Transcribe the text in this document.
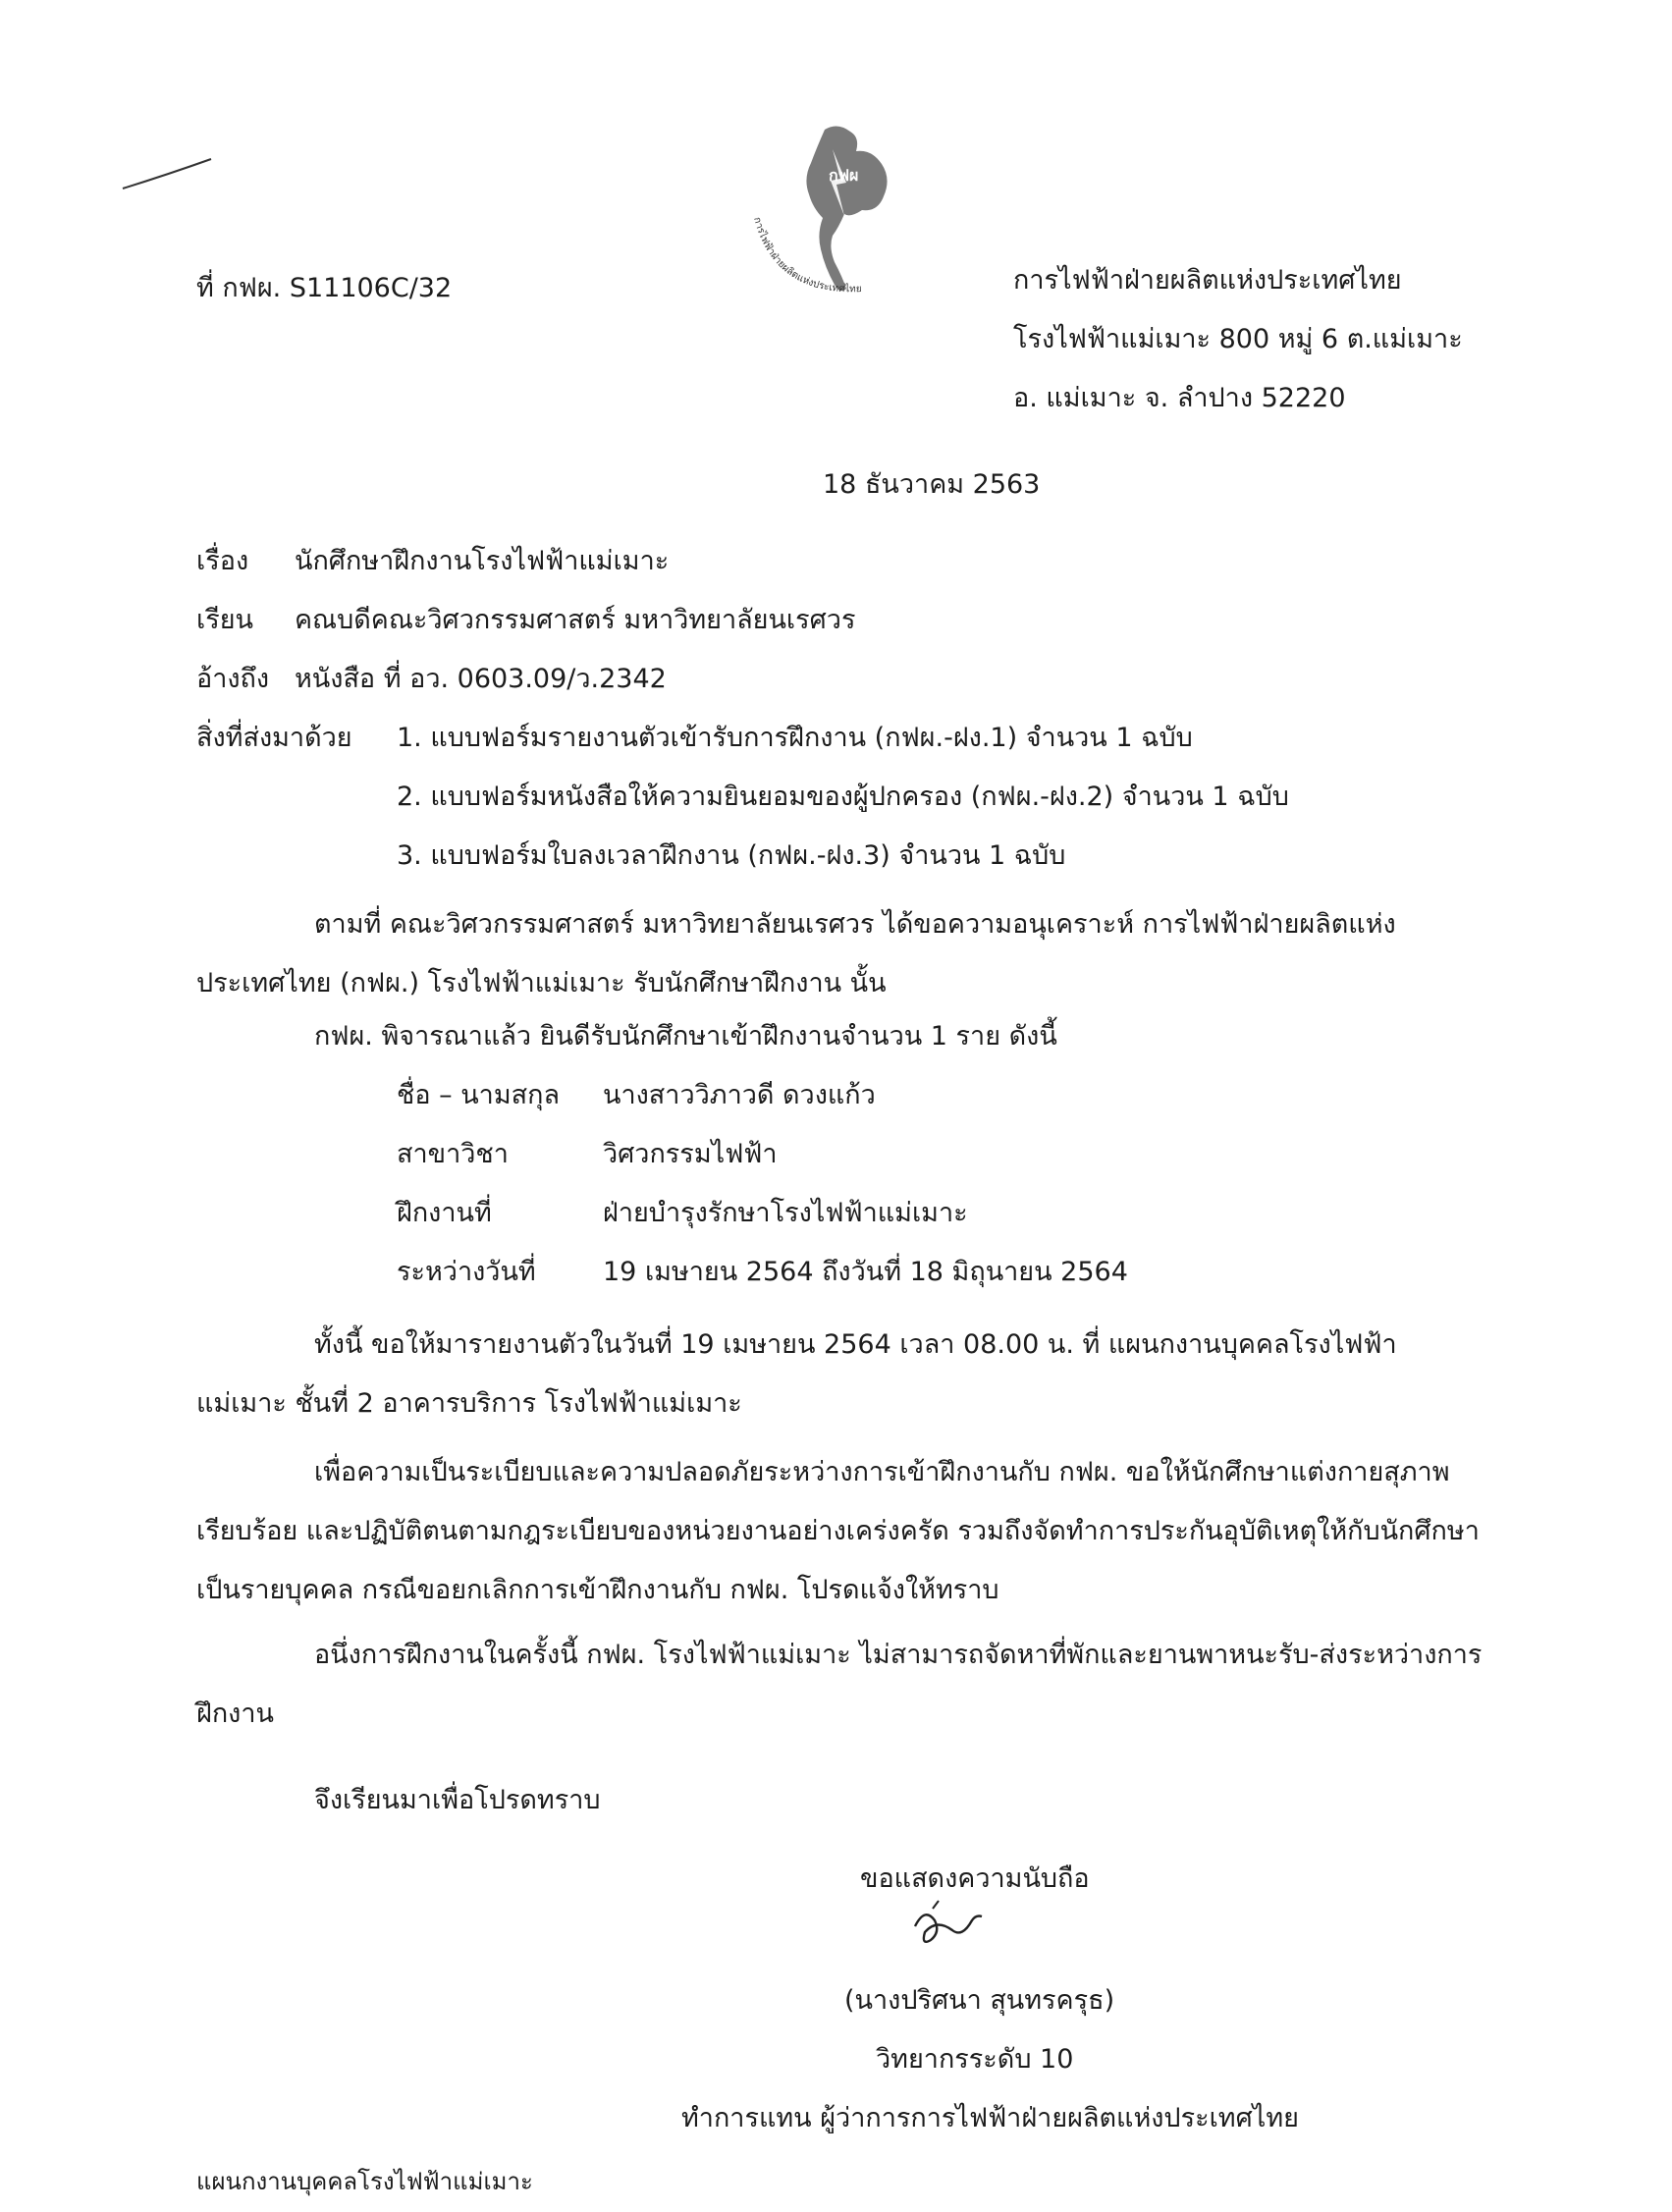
ที่ กฟผ. S11106C/32
กฟผ
การไฟฟ้าฝ่ายผลิตแห่งประเทศไทย	การไฟฟ้าฝ่ายผลิตแห่งประเทศไทย
โรงไฟฟ้าแม่เมาะ 800 หมู่ 6 ต.แม่เมาะ
อ. แม่เมาะ จ. ลำปาง 52220
18 ธันวาคม 2563
เรื่อง นักศึกษาฝึกงานโรงไฟฟ้าแม่เมาะ
เรียน คณบดีคณะวิศวกรรมศาสตร์ มหาวิทยาลัยนเรศวร
อ้างถึง หนังสือ ที่ อว. 0603.09/ว.2342
สิ่งที่ส่งมาด้วย 1. แบบฟอร์มรายงานตัวเข้ารับการฝึกงาน (กฟผ.-ฝง.1) จำนวน 1 ฉบับ
2. แบบฟอร์มหนังสือให้ความยินยอมของผู้ปกครอง (กฟผ.-ฝง.2) จำนวน 1 ฉบับ
3. แบบฟอร์มใบลงเวลาฝึกงาน (กฟผ.-ฝง.3) จำนวน 1 ฉบับ
ตามที่ คณะวิศวกรรมศาสตร์ มหาวิทยาลัยนเรศวร ได้ขอความอนุเคราะห์ การไฟฟ้าฝ่ายผลิตแห่งประเทศไทย (กฟผ.) โรงไฟฟ้าแม่เมาะ รับนักศึกษาฝึกงาน นั้น
กฟผ. พิจารณาแล้ว ยินดีรับนักศึกษาเข้าฝึกงานจำนวน 1 ราย ดังนี้
ชื่อ – นามสกุล นางสาววิภาวดี ดวงแก้ว
สาขาวิชา	วิศวกรรมไฟฟ้า
ฝึกงานที่	ฝ่ายบำรุงรักษาโรงไฟฟ้าแม่เมาะ
ระหว่างวันที่	19 เมษายน 2564 ถึงวันที่ 18 มิถุนายน 2564
ทั้งนี้ ขอให้มารายงานตัวในวันที่ 19 เมษายน 2564 เวลา 08.00 น. ที่ แผนกงานบุคคลโรงไฟฟ้าแม่เมาะ ชั้นที่ 2 อาคารบริการ โรงไฟฟ้าแม่เมาะ
เพื่อความเป็นระเบียบและความปลอดภัยระหว่างการเข้าฝึกงานกับ กฟผ. ขอให้นักศึกษาแต่งกายสุภาพเรียบร้อย และปฏิบัติตนตามกฎระเบียบของหน่วยงานอย่างเคร่งครัด รวมถึงจัดทำการประกันอุบัติเหตุให้กับนักศึกษาเป็นรายบุคคล กรณีขอยกเลิกการเข้าฝึกงานกับ กฟผ. โปรดแจ้งให้ทราบ
อนึ่งการฝึกงานในครั้งนี้ กฟผ. โรงไฟฟ้าแม่เมาะ ไม่สามารถจัดหาที่พักและยานพาหนะรับ-ส่งระหว่างการฝึกงาน
จึงเรียนมาเพื่อโปรดทราบ
ขอแสดงความนับถือ
(นางปริศนา สุนทรครุธ)
วิทยากรระดับ 10
ทำการแทน ผู้ว่าการการไฟฟ้าฝ่ายผลิตแห่งประเทศไทย
แผนกงานบุคคลโรงไฟฟ้าแม่เมาะ
